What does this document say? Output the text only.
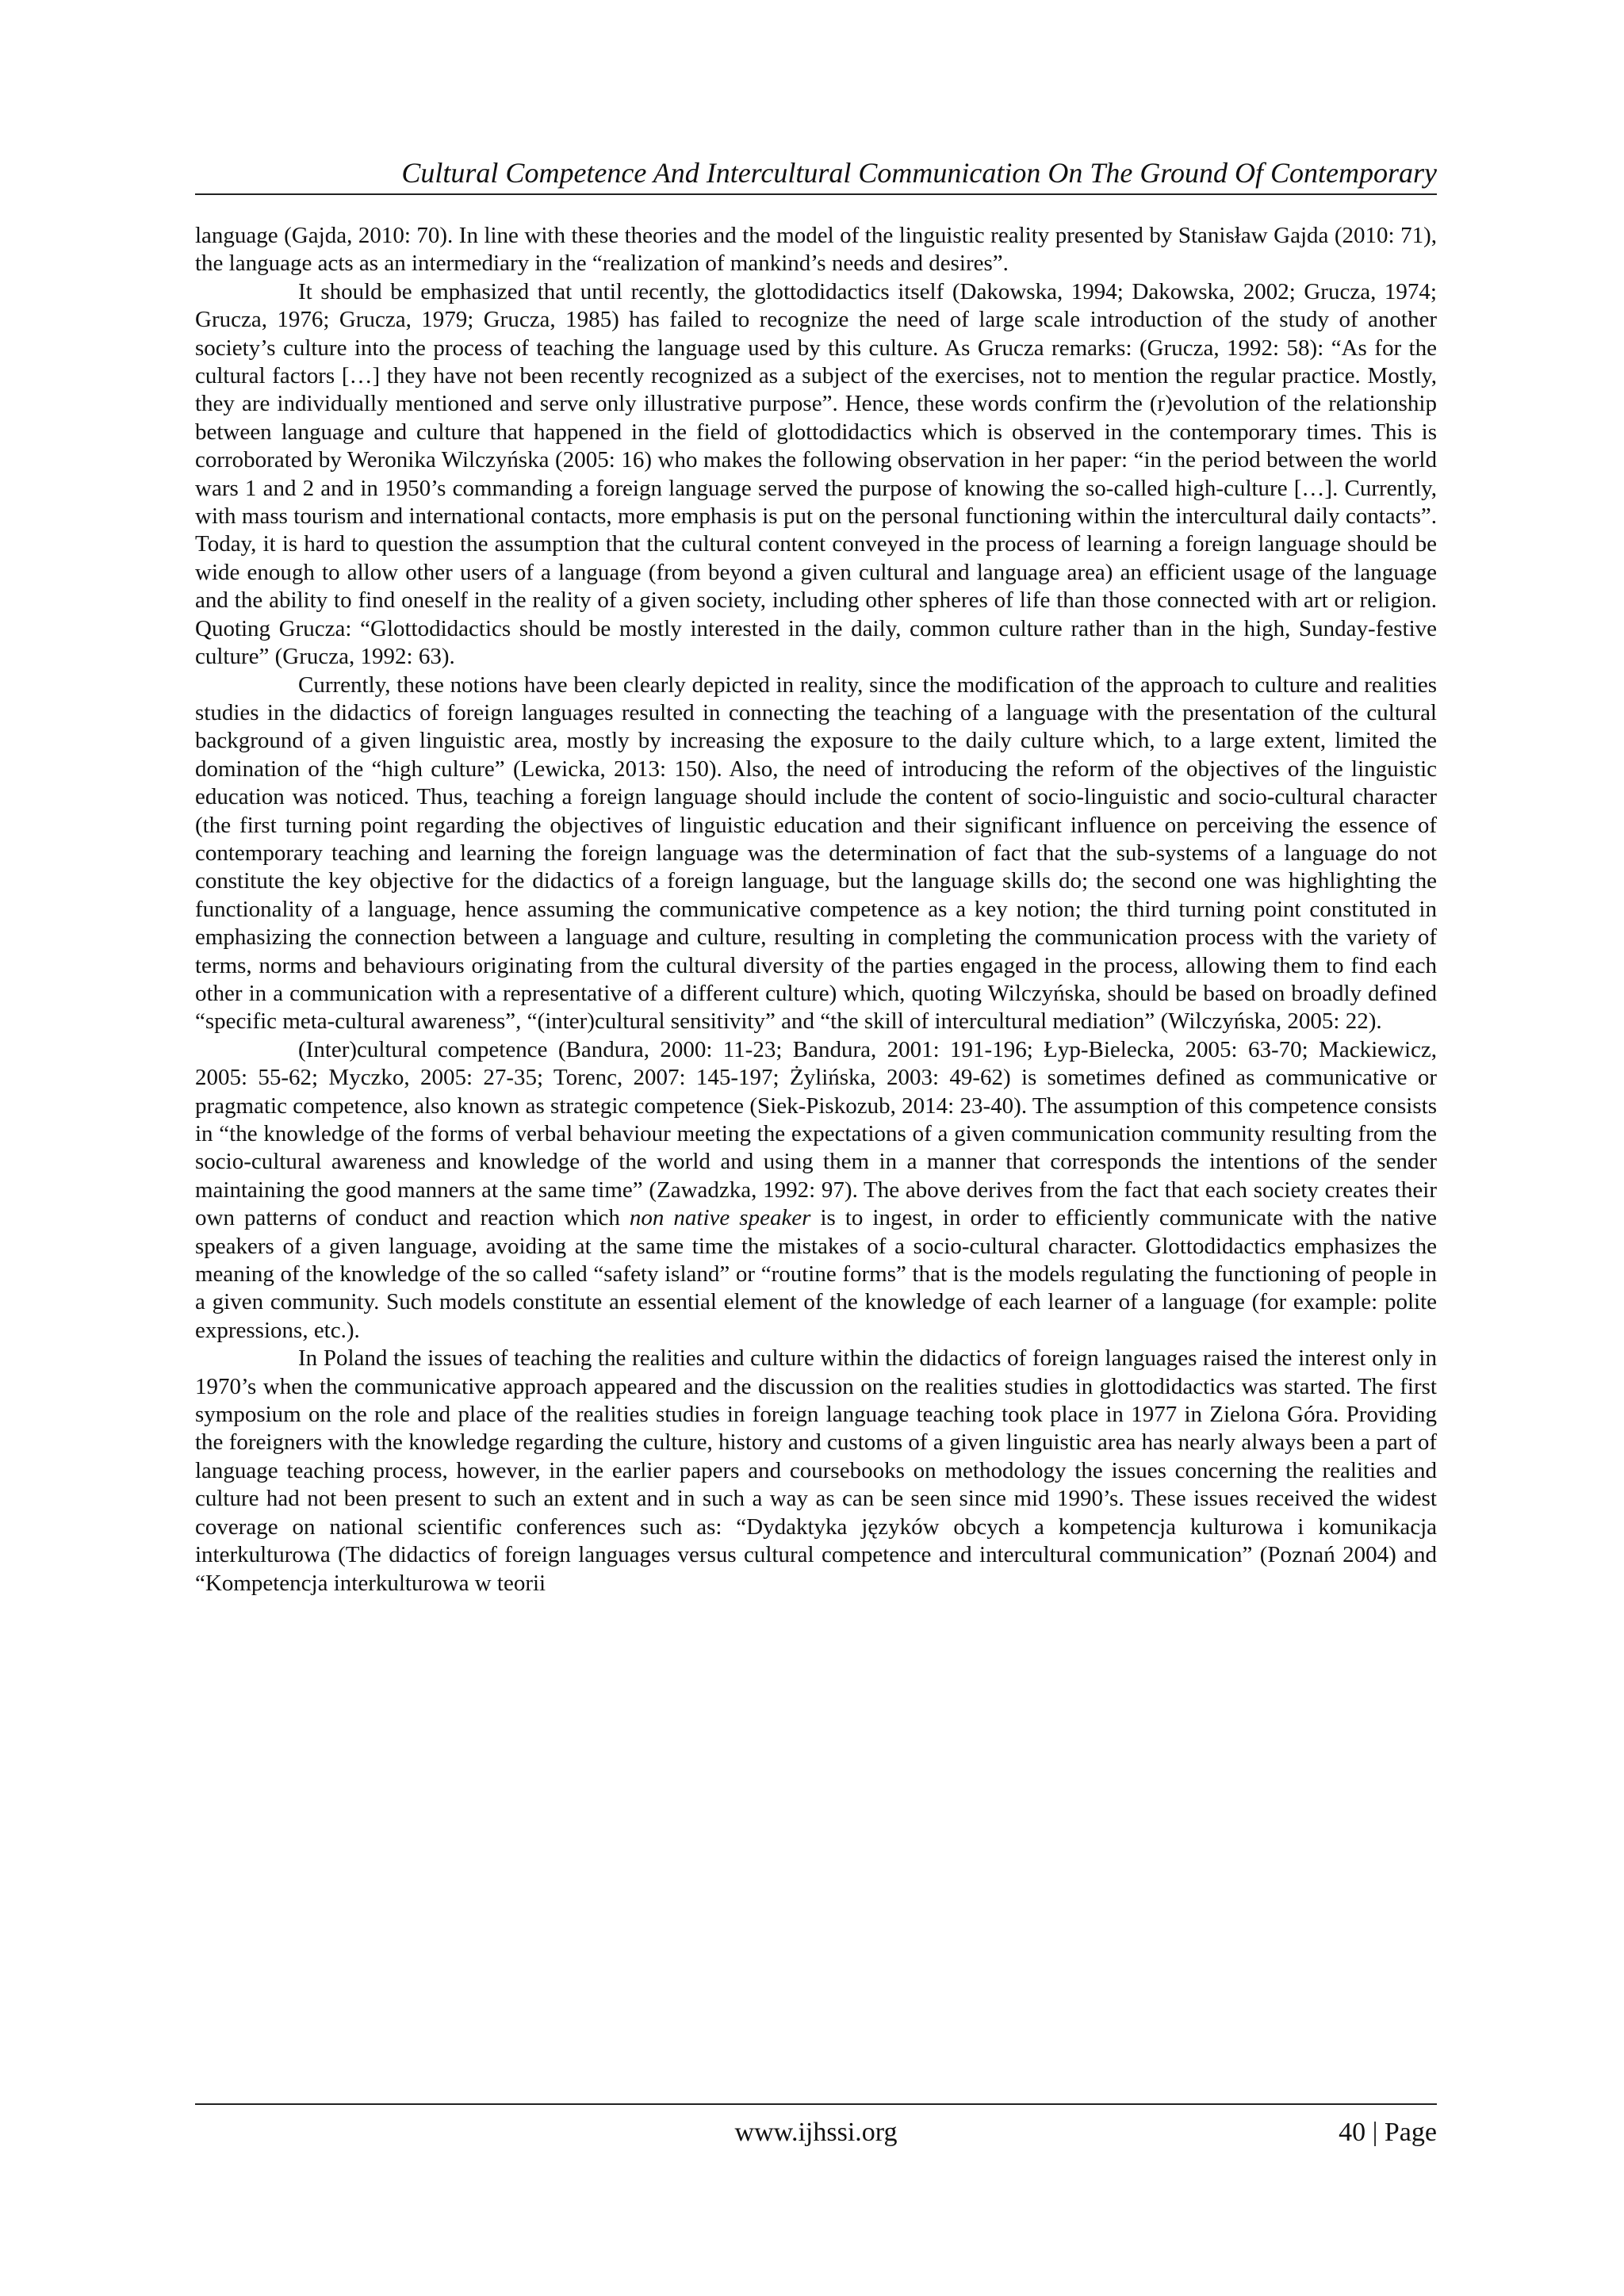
Cultural Competence And Intercultural Communication On The Ground Of Contemporary

language (Gajda, 2010: 70). In line with these theories and the model of the linguistic reality presented by Stanisław Gajda (2010: 71), the language acts as an intermediary in the “realization of mankind’s needs and desires”.

It should be emphasized that until recently, the glottodidactics itself (Dakowska, 1994; Dakowska, 2002; Grucza, 1974; Grucza, 1976; Grucza, 1979; Grucza, 1985) has failed to recognize the need of large scale introduction of the study of another society’s culture into the process of teaching the language used by this culture. As Grucza remarks: (Grucza, 1992: 58): “As for the cultural factors […] they have not been recently recognized as a subject of the exercises, not to mention the regular practice. Mostly, they are individually mentioned and serve only illustrative purpose”. Hence, these words confirm the (r)evolution of the relationship between language and culture that happened in the field of glottodidactics which is observed in the contemporary times. This is corroborated by Weronika Wilczyńska (2005: 16) who makes the following observation in her paper: “in the period between the world wars 1 and 2 and in 1950’s commanding a foreign language served the purpose of knowing the so-called high-culture […]. Currently, with mass tourism and international contacts, more emphasis is put on the personal functioning within the intercultural daily contacts”. Today, it is hard to question the assumption that the cultural content conveyed in the process of learning a foreign language should be wide enough to allow other users of a language (from beyond a given cultural and language area) an efficient usage of the language and the ability to find oneself in the reality of a given society, including other spheres of life than those connected with art or religion. Quoting Grucza: “Glottodidactics should be mostly interested in the daily, common culture rather than in the high, Sunday-festive culture” (Grucza, 1992: 63).

Currently, these notions have been clearly depicted in reality, since the modification of the approach to culture and realities studies in the didactics of foreign languages resulted in connecting the teaching of a language with the presentation of the cultural background of a given linguistic area, mostly by increasing the exposure to the daily culture which, to a large extent, limited the domination of the “high culture” (Lewicka, 2013: 150). Also, the need of introducing the reform of the objectives of the linguistic education was noticed. Thus, teaching a foreign language should include the content of socio-linguistic and socio-cultural character (the first turning point regarding the objectives of linguistic education and their significant influence on perceiving the essence of contemporary teaching and learning the foreign language was the determination of fact that the sub-systems of a language do not constitute the key objective for the didactics of a foreign language, but the language skills do; the second one was highlighting the functionality of a language, hence assuming the communicative competence as a key notion; the third turning point constituted in emphasizing the connection between a language and culture, resulting in completing the communication process with the variety of terms, norms and behaviours originating from the cultural diversity of the parties engaged in the process, allowing them to find each other in a communication with a representative of a different culture) which, quoting Wilczyńska, should be based on broadly defined “specific meta-cultural awareness”, “(inter)cultural sensitivity” and “the skill of intercultural mediation” (Wilczyńska, 2005: 22).

(Inter)cultural competence (Bandura, 2000: 11-23; Bandura, 2001: 191-196; Łyp-Bielecka, 2005: 63-70; Mackiewicz, 2005: 55-62; Myczko, 2005: 27-35; Torenc, 2007: 145-197; Żylińska, 2003: 49-62) is sometimes defined as communicative or pragmatic competence, also known as strategic competence (Siek-Piskozub, 2014: 23-40). The assumption of this competence consists in “the knowledge of the forms of verbal behaviour meeting the expectations of a given communication community resulting from the socio-cultural awareness and knowledge of the world and using them in a manner that corresponds the intentions of the sender maintaining the good manners at the same time” (Zawadzka, 1992: 97). The above derives from the fact that each society creates their own patterns of conduct and reaction which non native speaker is to ingest, in order to efficiently communicate with the native speakers of a given language, avoiding at the same time the mistakes of a socio-cultural character. Glottodidactics emphasizes the meaning of the knowledge of the so called “safety island” or “routine forms” that is the models regulating the functioning of people in a given community. Such models constitute an essential element of the knowledge of each learner of a language (for example: polite expressions, etc.).

In Poland the issues of teaching the realities and culture within the didactics of foreign languages raised the interest only in 1970’s when the communicative approach appeared and the discussion on the realities studies in glottodidactics was started. The first symposium on the role and place of the realities studies in foreign language teaching took place in 1977 in Zielona Góra. Providing the foreigners with the knowledge regarding the culture, history and customs of a given linguistic area has nearly always been a part of language teaching process, however, in the earlier papers and coursebooks on methodology the issues concerning the realities and culture had not been present to such an extent and in such a way as can be seen since mid 1990’s. These issues received the widest coverage on national scientific conferences such as: “Dydaktyka języków obcych a kompetencja kulturowa i komunikacja interkulturowa (The didactics of foreign languages versus cultural competence and intercultural communication” (Poznań 2004) and “Kompetencja interkulturowa w teorii

www.ijhssi.org	40 | Page
